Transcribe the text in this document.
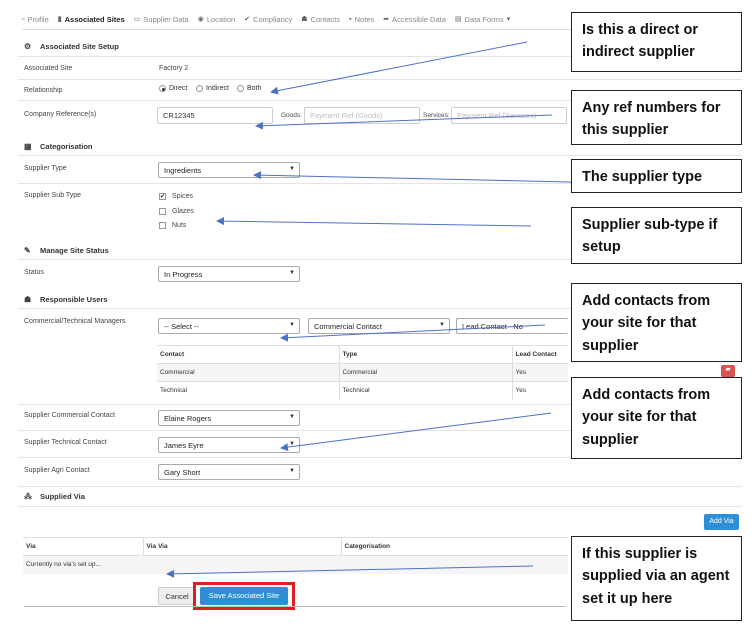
▫ Profile ▮ Associated Sites ▭ Supplier Data ◉ Location ✔ Compliancy ☗ Contacts ▪ Notes ➦ Accessible Data ▤ Data Forms ▾
⚙	Associated Site Setup
Associated Site	Factory 2
Relationship	Direct	Indirect	Both
Company Reference(s)	CR12345	Goods:	Payment Ref (Goods)	Services: Payment Ref (Services)
▦	Categorisation
Supplier Type	Ingredients	▼
Supplier Sub Type	✔ Spices
Glazes
Nuts
✎	Manage Site Status
Status	In Progress	▼
☗	Responsible Users
Commercial/Technical Managers
-- Select --	▼	Commercial Contact	▼	Lead Contact - No
Contact	Type	Lead Contact
Commercial	Commercial	Yes
Technical	Technical	Yes
▰
Supplier Commercial Contact	Elaine Rogers	▼
Supplier Technical Contact	James Eyre	▼
Supplier Agri Contact	Gary Short	▼
⁂ Supplied Via
Add Via
Via	Via Via	Categorisation
Currently no via's set up...
Cancel	Save Associated Site
Is this a direct or indirect supplier
Any ref numbers for this supplier
The supplier type
Supplier sub-type if setup
Add contacts from your site for that supplier
Add contacts from your site for that supplier
If this supplier is supplied via an agent set it up here
